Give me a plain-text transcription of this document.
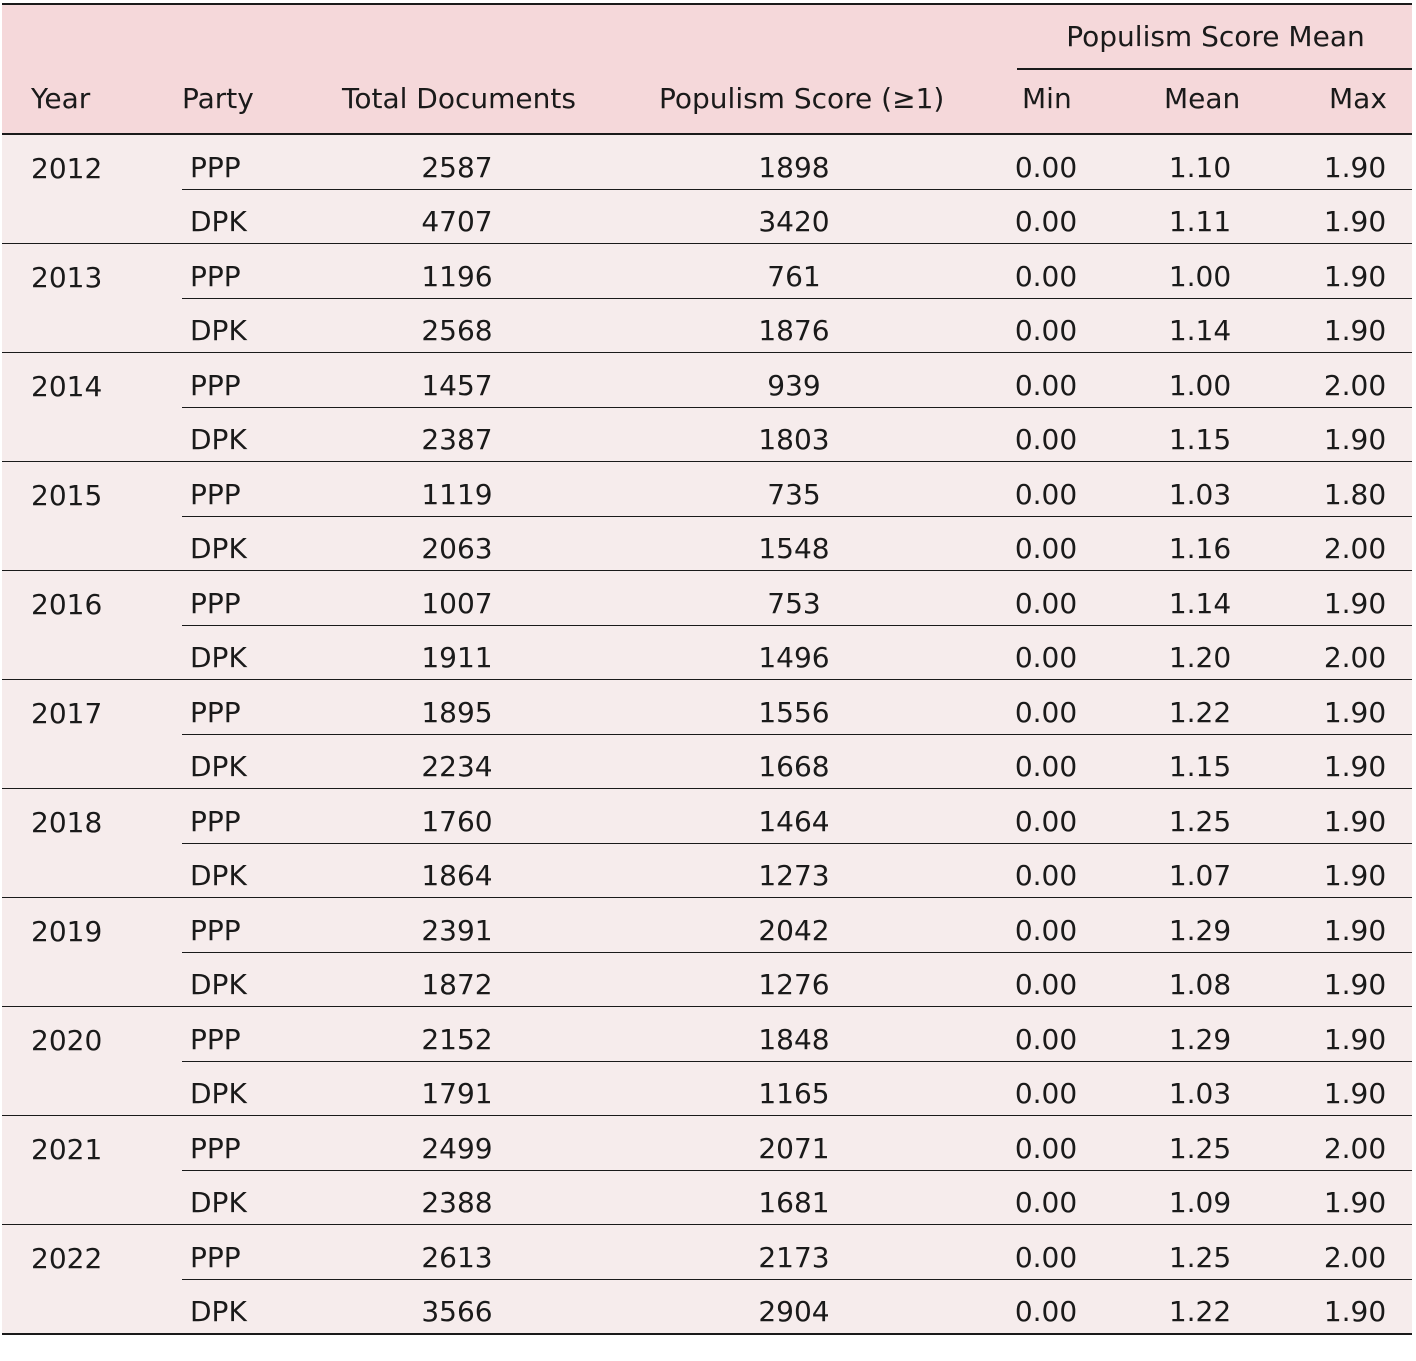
Populism Score Mean
Year	Party	Total Documents	Populism Score (≥1)	Min	Mean	Max
2012	PPP	2587	1898	0.00	1.10	1.90
DPK	4707	3420	0.00	1.11	1.90
2013	PPP	1196	761	0.00	1.00	1.90
DPK	2568	1876	0.00	1.14	1.90
2014	PPP	1457	939	0.00	1.00	2.00
DPK	2387	1803	0.00	1.15	1.90
2015	PPP	1119	735	0.00	1.03	1.80
DPK	2063	1548	0.00	1.16	2.00
2016	PPP	1007	753	0.00	1.14	1.90
DPK	1911	1496	0.00	1.20	2.00
2017	PPP	1895	1556	0.00	1.22	1.90
DPK	2234	1668	0.00	1.15	1.90
2018	PPP	1760	1464	0.00	1.25	1.90
DPK	1864	1273	0.00	1.07	1.90
2019	PPP	2391	2042	0.00	1.29	1.90
DPK	1872	1276	0.00	1.08	1.90
2020	PPP	2152	1848	0.00	1.29	1.90
DPK	1791	1165	0.00	1.03	1.90
2021	PPP	2499	2071	0.00	1.25	2.00
DPK	2388	1681	0.00	1.09	1.90
2022	PPP	2613	2173	0.00	1.25	2.00
DPK	3566	2904	0.00	1.22	1.90
